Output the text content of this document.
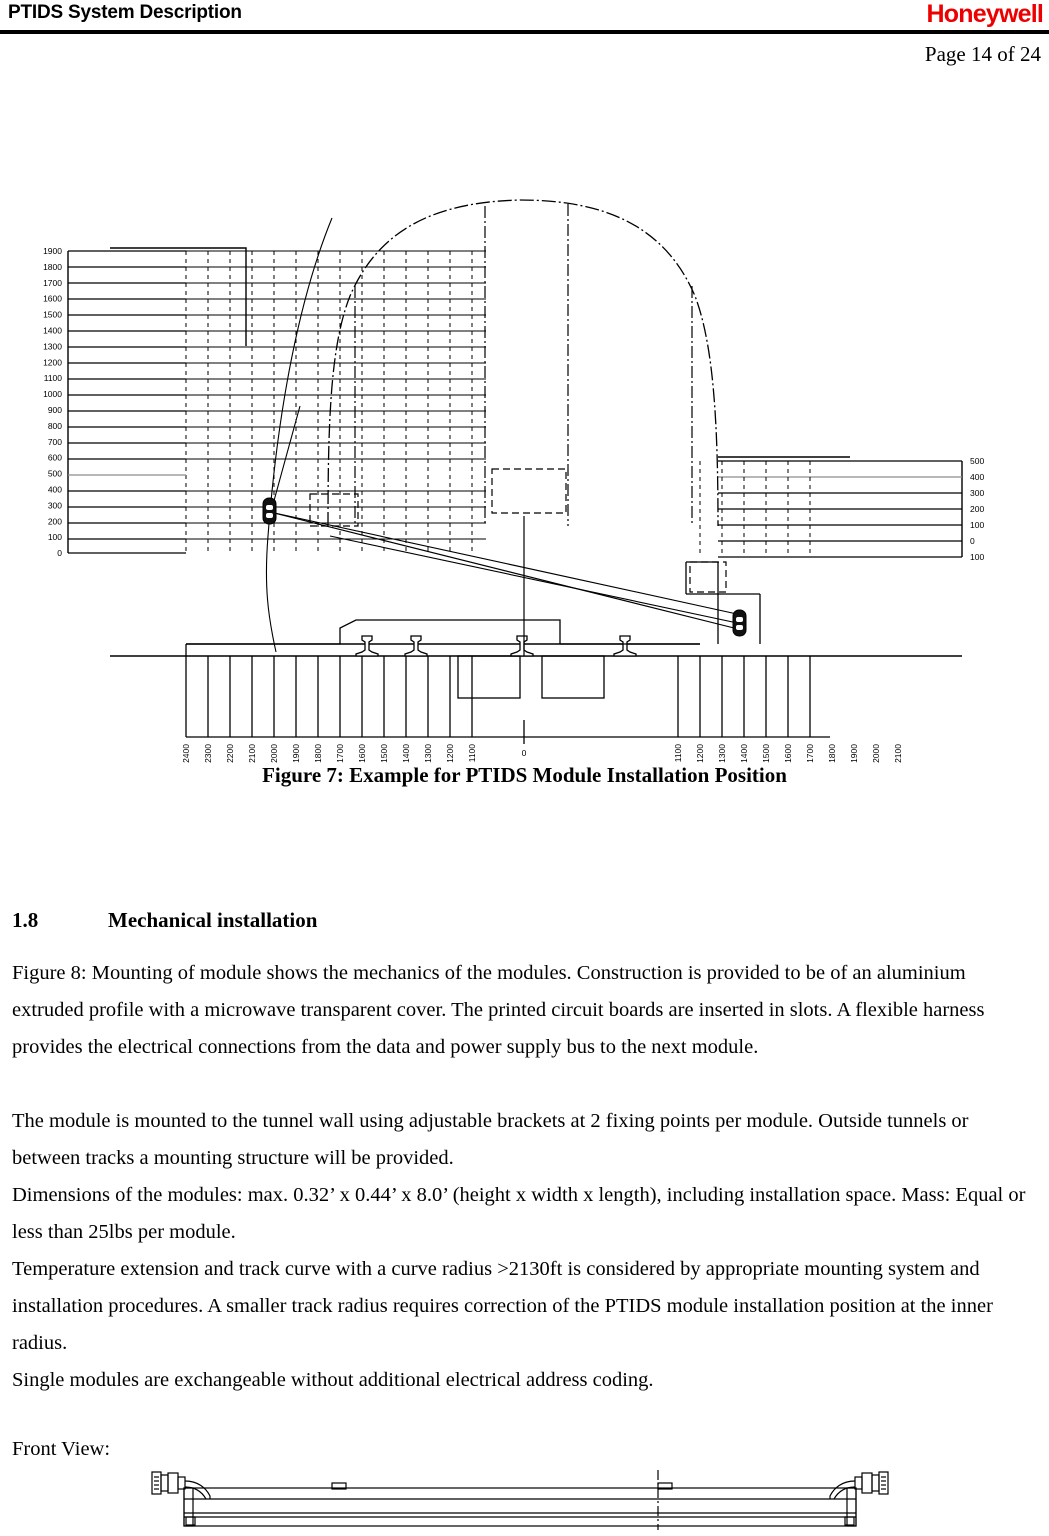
PTIDS System Description	Honeywell
Page 14 of 24
1900
1800
1700
1600
1500
1400
1300
1200
1100
1000
900
800
700
600
500
400
300
200
100
0
500
400
300
200
100
0
100
2400 2300 2200 2100 2000 1900 1800 1700 1600 1500 1400 1300 1200 1100	1100 1200 1300 1400 1500 1600 1700 1800 1900 2000 2100
0
Figure 7: Example for PTIDS Module Installation Position
1.8	Mechanical installation

Figure 8: Mounting of module shows the mechanics of the modules. Construction is provided to be of an aluminium extruded profile with a microwave transparent cover. The printed circuit boards are inserted in slots. A flexible harness provides the electrical connections from the data and power supply bus to the next module.

The module is mounted to the tunnel wall using adjustable brackets at 2 fixing points per module. Outside tunnels or between tracks a mounting structure will be provided.

Dimensions of the modules: max. 0.32’ x 0.44’ x 8.0’ (height x width x length), including installation space. Mass: Equal or less than 25lbs per module.

Temperature extension and track curve with a curve radius >2130ft is considered by appropriate mounting system and installation procedures. A smaller track radius requires correction of the PTIDS module installation position at the inner radius.

Single modules are exchangeable without additional electrical address coding.

Front View:
